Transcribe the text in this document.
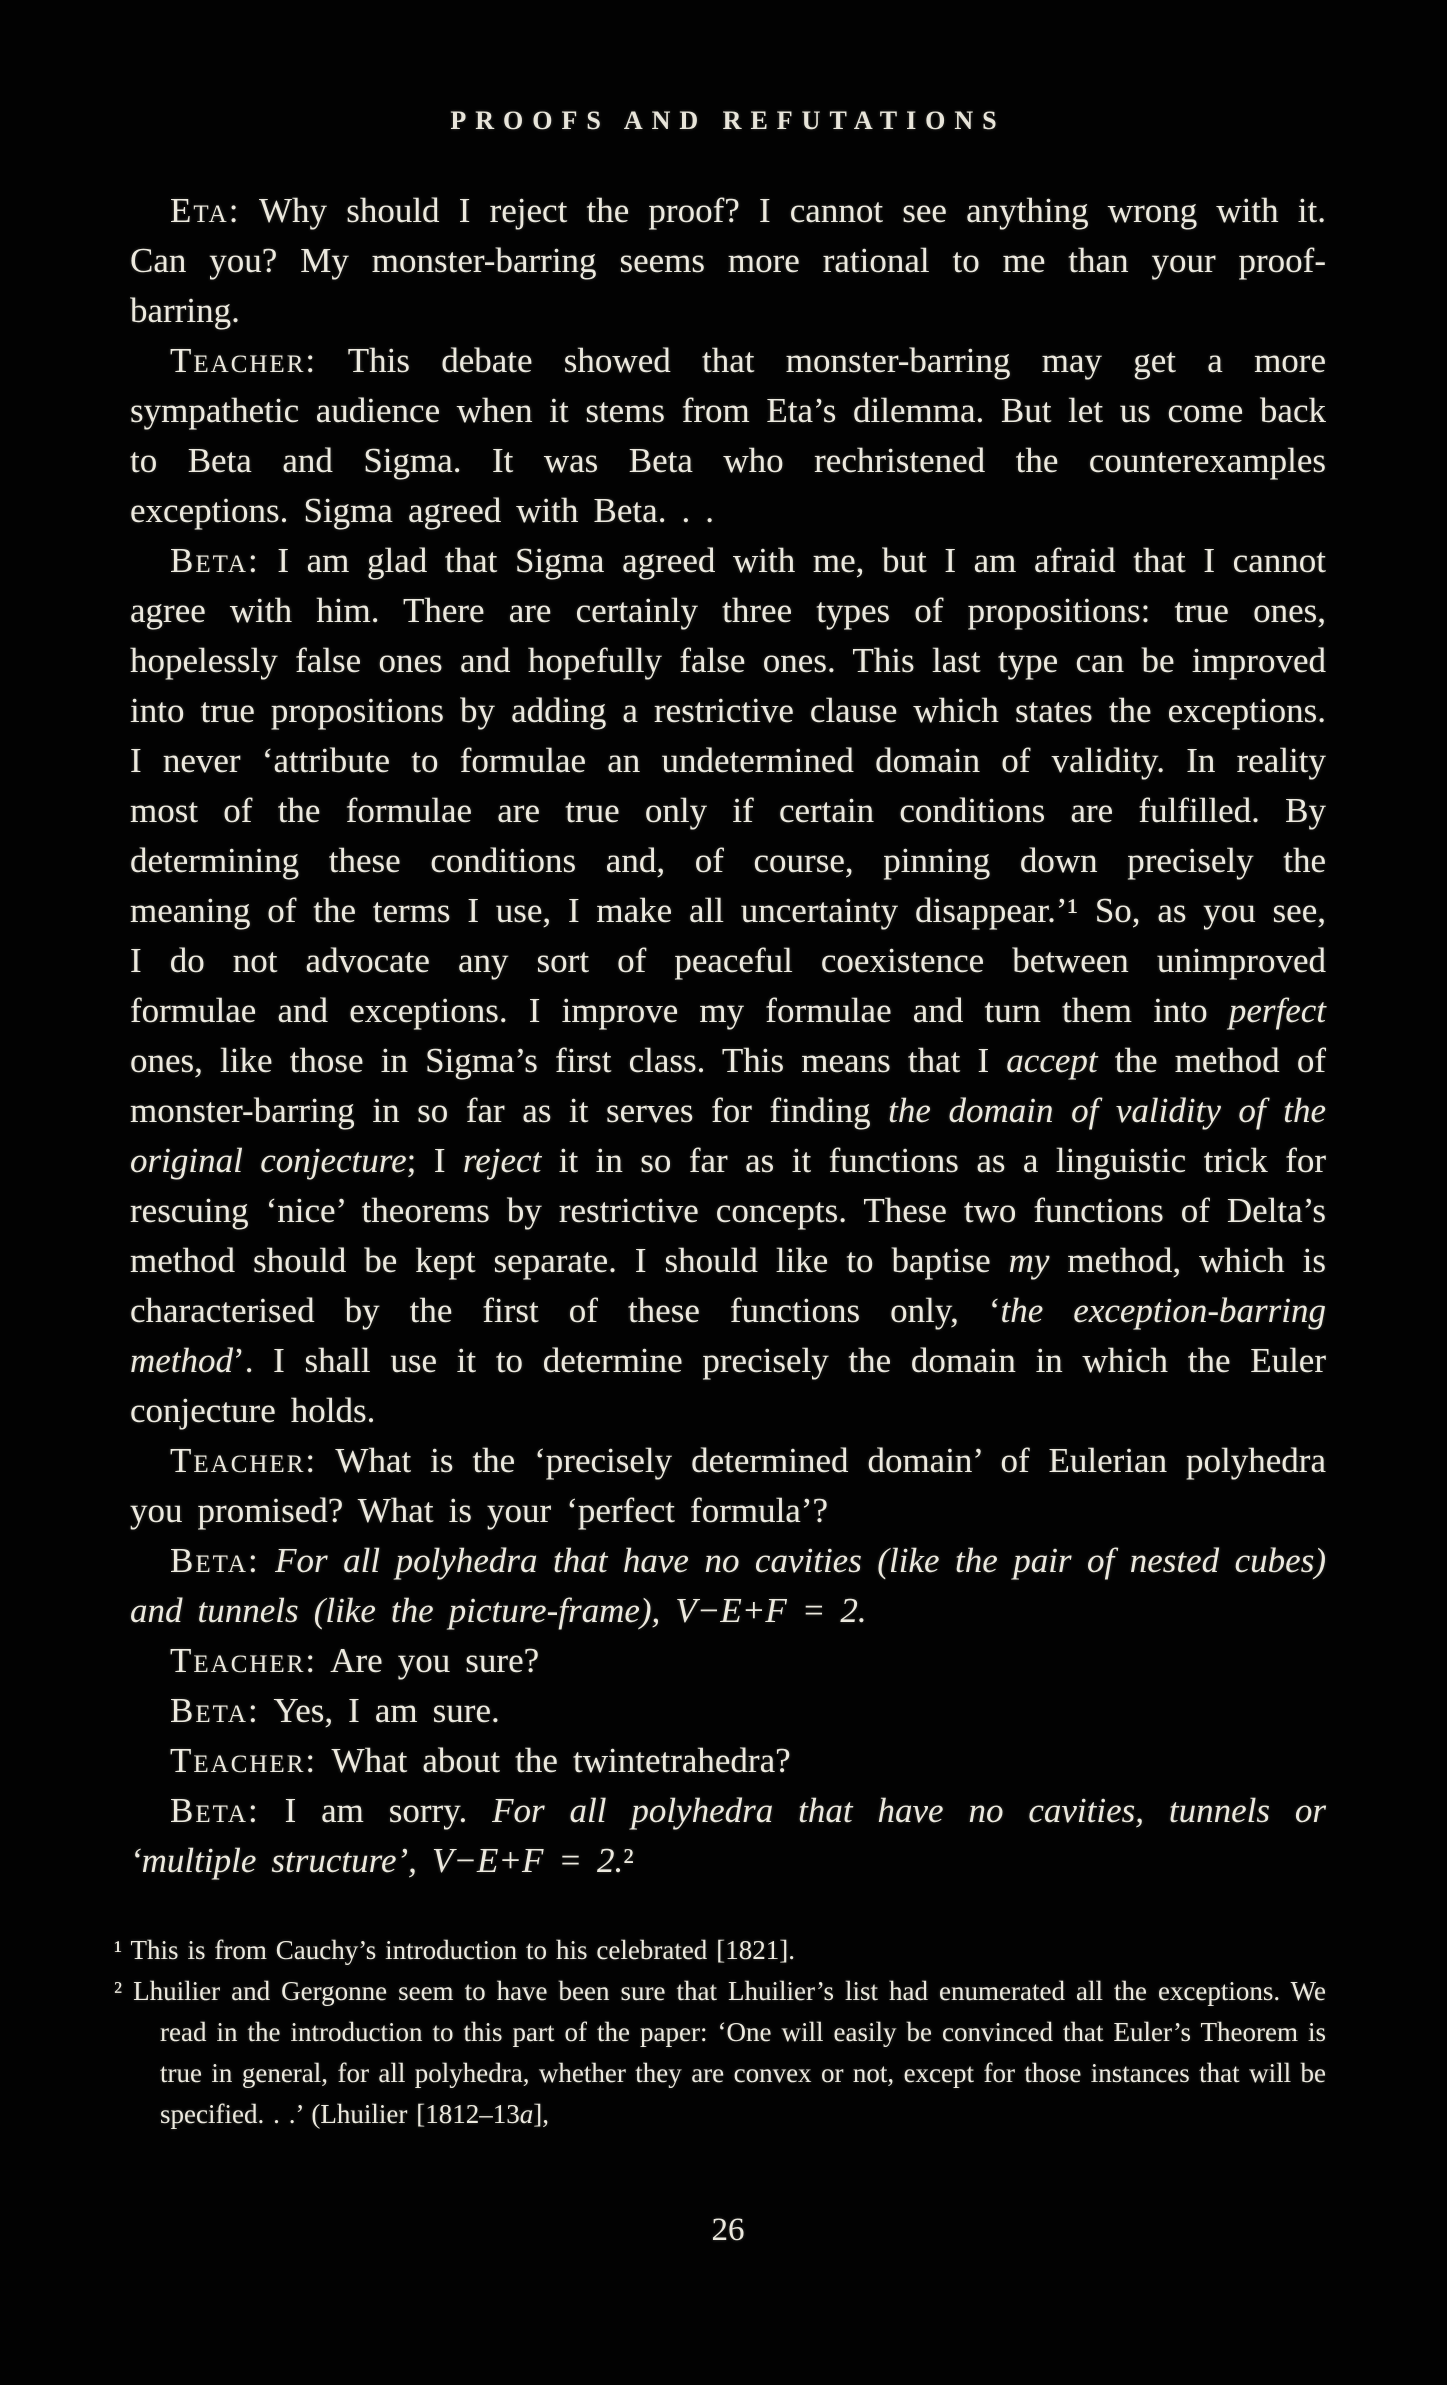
PROOFS AND REFUTATIONS

Eta: Why should I reject the proof? I cannot see anything wrong with it. Can you? My monster-barring seems more rational to me than your proof-barring.

Teacher: This debate showed that monster-barring may get a more sympathetic audience when it stems from Eta’s dilemma. But let us come back to Beta and Sigma. It was Beta who rechristened the counterexamples exceptions. Sigma agreed with Beta. . .

Beta: I am glad that Sigma agreed with me, but I am afraid that I cannot agree with him. There are certainly three types of propositions: true ones, hopelessly false ones and hopefully false ones. This last type can be improved into true propositions by adding a restrictive clause which states the exceptions. I never ‘attribute to formulae an undetermined domain of validity. In reality most of the formulae are true only if certain conditions are fulfilled. By determining these conditions and, of course, pinning down precisely the meaning of the terms I use, I make all uncertainty disappear.’¹ So, as you see, I do not advocate any sort of peaceful coexistence between unimproved formulae and exceptions. I improve my formulae and turn them into perfect ones, like those in Sigma’s first class. This means that I accept the method of monster-barring in so far as it serves for finding the domain of validity of the original conjecture; I reject it in so far as it functions as a linguistic trick for rescuing ‘nice’ theorems by restrictive concepts. These two functions of Delta’s method should be kept separate. I should like to baptise my method, which is characterised by the first of these functions only, ‘the exception-barring method’. I shall use it to determine precisely the domain in which the Euler conjecture holds.

Teacher: What is the ‘precisely determined domain’ of Eulerian polyhedra you promised? What is your ‘perfect formula’?

Beta: For all polyhedra that have no cavities (like the pair of nested cubes) and tunnels (like the picture-frame), V−E+F = 2.

Teacher: Are you sure?

Beta: Yes, I am sure.

Teacher: What about the twintetrahedra?

Beta: I am sorry. For all polyhedra that have no cavities, tunnels or ‘multiple structure’, V−E+F = 2.²

¹ This is from Cauchy’s introduction to his celebrated [1821].

² Lhuilier and Gergonne seem to have been sure that Lhuilier’s list had enumerated all the exceptions. We read in the introduction to this part of the paper: ‘One will easily be convinced that Euler’s Theorem is true in general, for all polyhedra, whether they are convex or not, except for those instances that will be specified. . .’ (Lhuilier [1812–13a],

26
